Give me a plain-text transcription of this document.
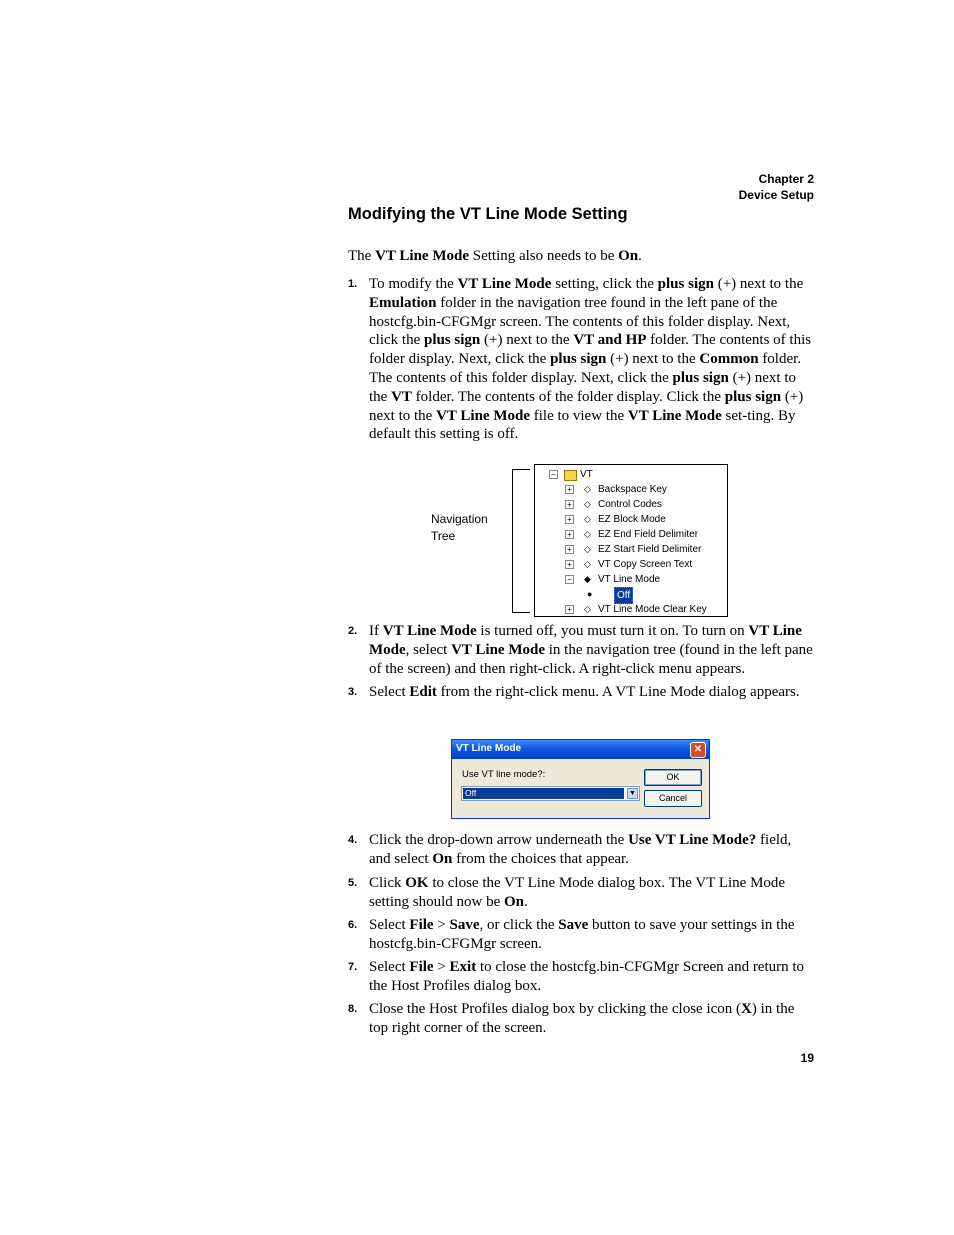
Chapter 2
Device Setup
Modifying the VT Line Mode Setting
The VT Line Mode Setting also needs to be On.
1. To modify the VT Line Mode setting, click the plus sign (+) next to the Emulation folder in the navigation tree found in the left pane of the hostcfg.bin-CFGMgr screen. The contents of this folder display. Next, click the plus sign (+) next to the VT and HP folder. The contents of this folder display. Next, click the plus sign (+) next to the Common folder. The contents of this folder display. Next, click the plus sign (+) next to the VT folder. The contents of the folder display. Click the plus sign (+) next to the VT Line Mode file to view the VT Line Mode set-ting. By default this setting is off.
Navigation
Tree
− VT
+ ◇ Backspace Key
+ ◇ Control Codes
+ ◇ EZ Block Mode
+ ◇ EZ End Field Delimiter
+ ◇ EZ Start Field Delimiter
+ ◇ VT Copy Screen Text
− ◆ VT Line Mode
●	Off
+ ◇ VT Line Mode Clear Key
2. If VT Line Mode is turned off, you must turn it on. To turn on VT Line Mode, select VT Line Mode in the navigation tree (found in the left pane of the screen) and then right-click. A right-click menu appears.
3. Select Edit from the right-click menu. A VT Line Mode dialog appears.
VT Line Mode	✕
Use VT line mode?:
Off	▼
OK
Cancel
4. Click the drop-down arrow underneath the Use VT Line Mode? field, and select On from the choices that appear.
5. Click OK to close the VT Line Mode dialog box. The VT Line Mode setting should now be On.
6. Select File > Save, or click the Save button to save your settings in the hostcfg.bin-CFGMgr screen.
7. Select File > Exit to close the hostcfg.bin-CFGMgr Screen and return to the Host Profiles dialog box.
8. Close the Host Profiles dialog box by clicking the close icon (X) in the top right corner of the screen.
19
